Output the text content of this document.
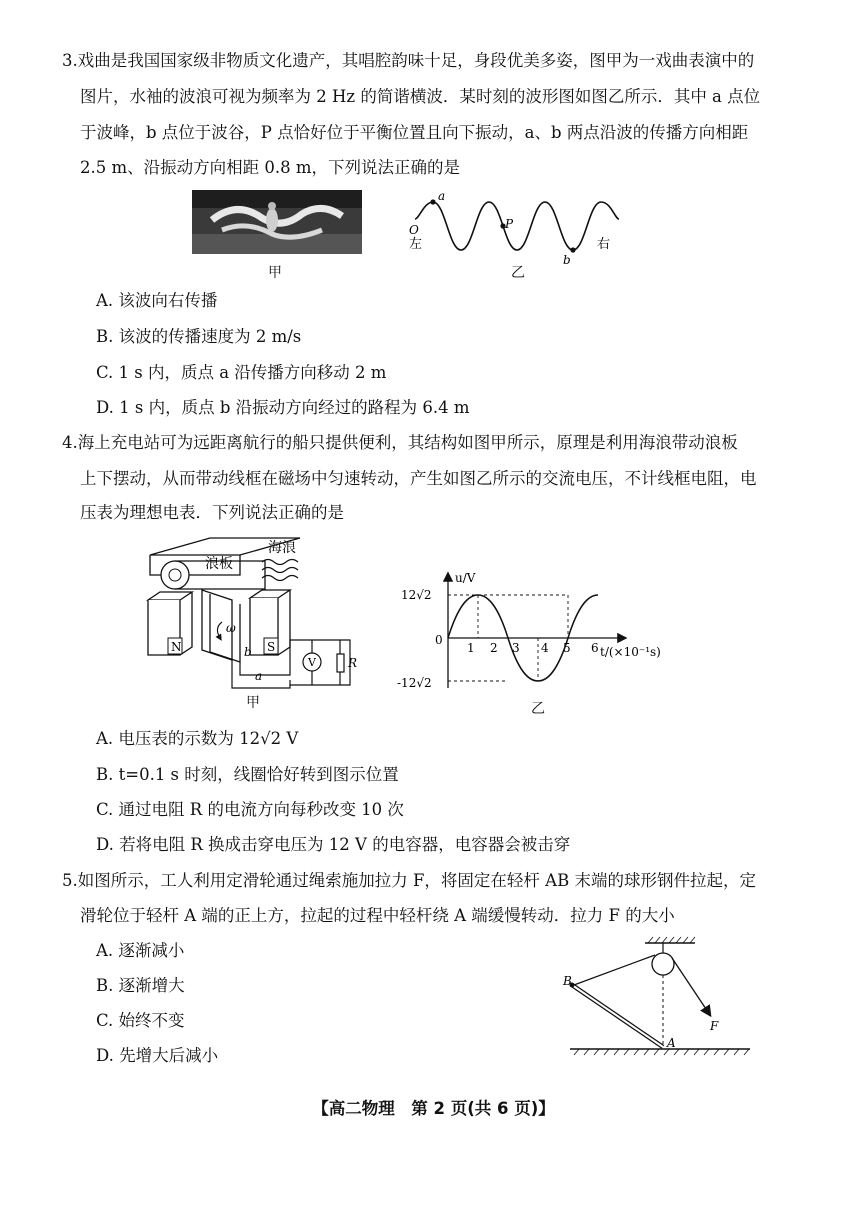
3.戏曲是我国国家级非物质文化遗产，其唱腔韵味十足，身段优美多姿，图甲为一戏曲表演中的
图片，水袖的波浪可视为频率为 2 Hz 的简谐横波．某时刻的波形图如图乙所示．其中 a 点位
于波峰，b 点位于波谷，P 点恰好位于平衡位置且向下振动，a、b 两点沿波的传播方向相距
2.5 m、沿振动方向相距 0.8 m，下列说法正确的是
甲
a
O	P
b
左	右
乙
A. 该波向右传播
B. 该波的传播速度为 2 m/s
C. 1 s 内，质点 a 沿传播方向移动 2 m
D. 1 s 内，质点 b 沿振动方向经过的路程为 6.4 m
4.海上充电站可为远距离航行的船只提供便利，其结构如图甲所示，原理是利用海浪带动浪板
上下摆动，从而带动线框在磁场中匀速转动，产生如图乙所示的交流电压，不计线框电阻，电
压表为理想电表．下列说法正确的是
浪板
海浪
N	S
ω
V	R
b
a
甲
u/V
12√2
-12√2
0
1 2 3 4 5 6 t/(×10⁻¹s)
乙
A. 电压表的示数为 12√2 V
B. t=0.1 s 时刻，线圈恰好转到图示位置
C. 通过电阻 R 的电流方向每秒改变 10 次
D. 若将电阻 R 换成击穿电压为 12 V 的电容器，电容器会被击穿
5.如图所示，工人利用定滑轮通过绳索施加拉力 F，将固定在轻杆 AB 末端的球形钢件拉起，定
滑轮位于轻杆 A 端的正上方，拉起的过程中轻杆绕 A 端缓慢转动．拉力 F 的大小
A. 逐渐减小
B. 逐渐增大
C. 始终不变
D. 先增大后减小
B
A
F
【高二物理　第 2 页(共 6 页)】
